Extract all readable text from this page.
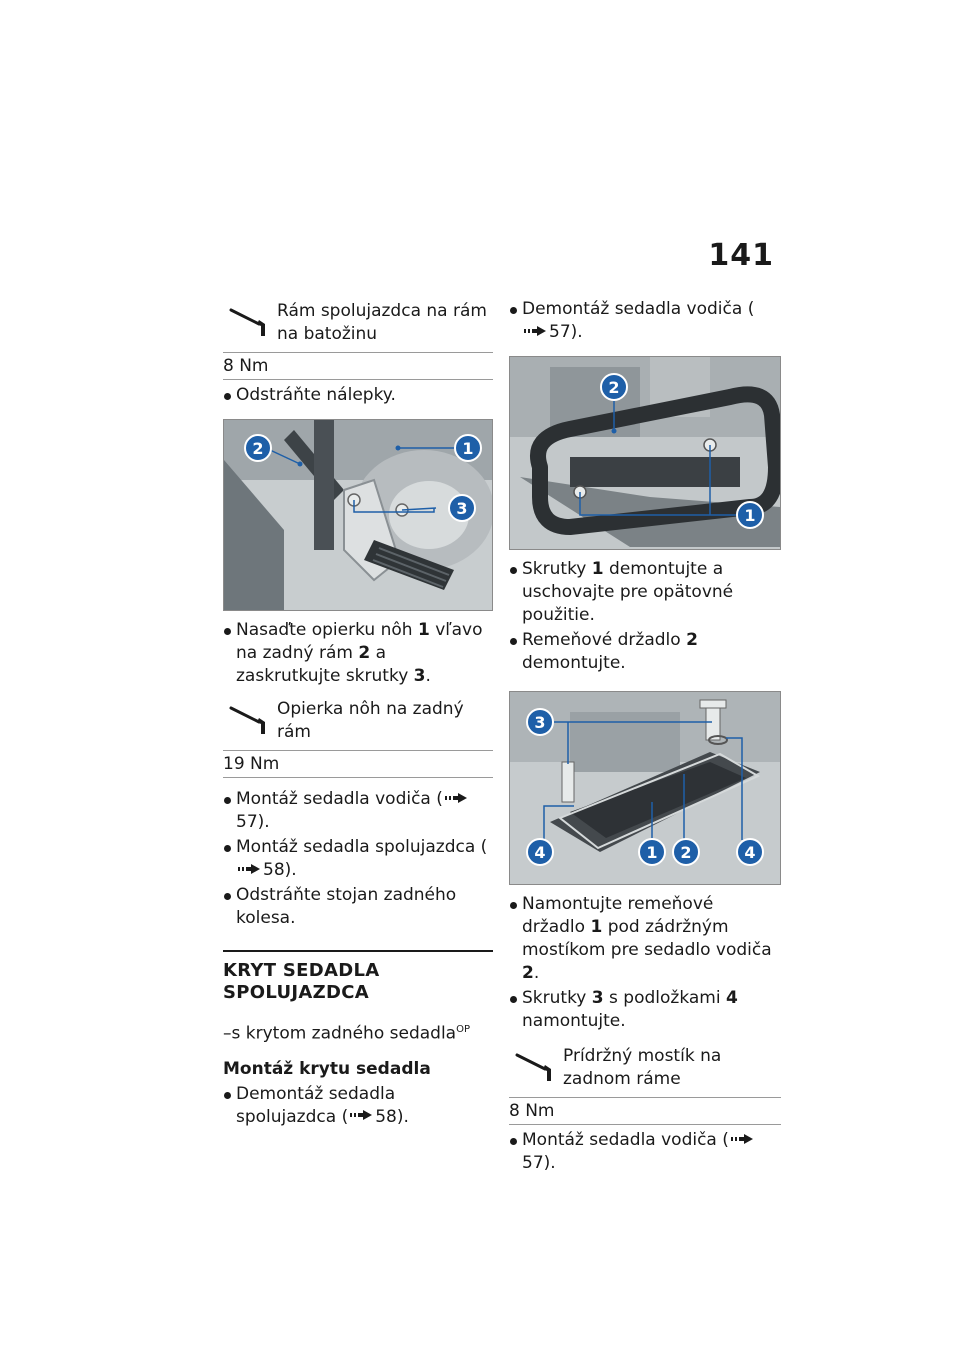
141
Rám spolujazdca na rám na batožinu
8 Nm
Odstráňte nálepky.
1
2
3
Nasaďte opierku nôh 1 vľavo na zadný rám 2 a zaskrutkujte skrutky 3.
Opierka nôh na zadný rám
19 Nm
Montáž sedadla vodiča (57).
Montáž sedadla spolujazdca (58).
Odstráňte stojan zadného kolesa.
KRYT SEDADLA SPOLUJAZDCA
–s krytom zadného sedadla$^{OP}$
Montáž krytu sedadla
Demontáž sedadla spolujazdca ( 58).
Demontáž sedadla vodiča (57).
1
2
Skrutky 1 demontujte a uschovajte pre opätovné použitie.
Remeňové držadlo 2 demontujte.
3
4	1 2	4
Namontujte remeňové držadlo 1 pod zádržným mostíkom pre sedadlo vodiča 2.
Skrutky 3 s podložkami 4 namontujte.
Prídržný mostík na zadnom ráme
8 Nm
Montáž sedadla vodiča (57).
